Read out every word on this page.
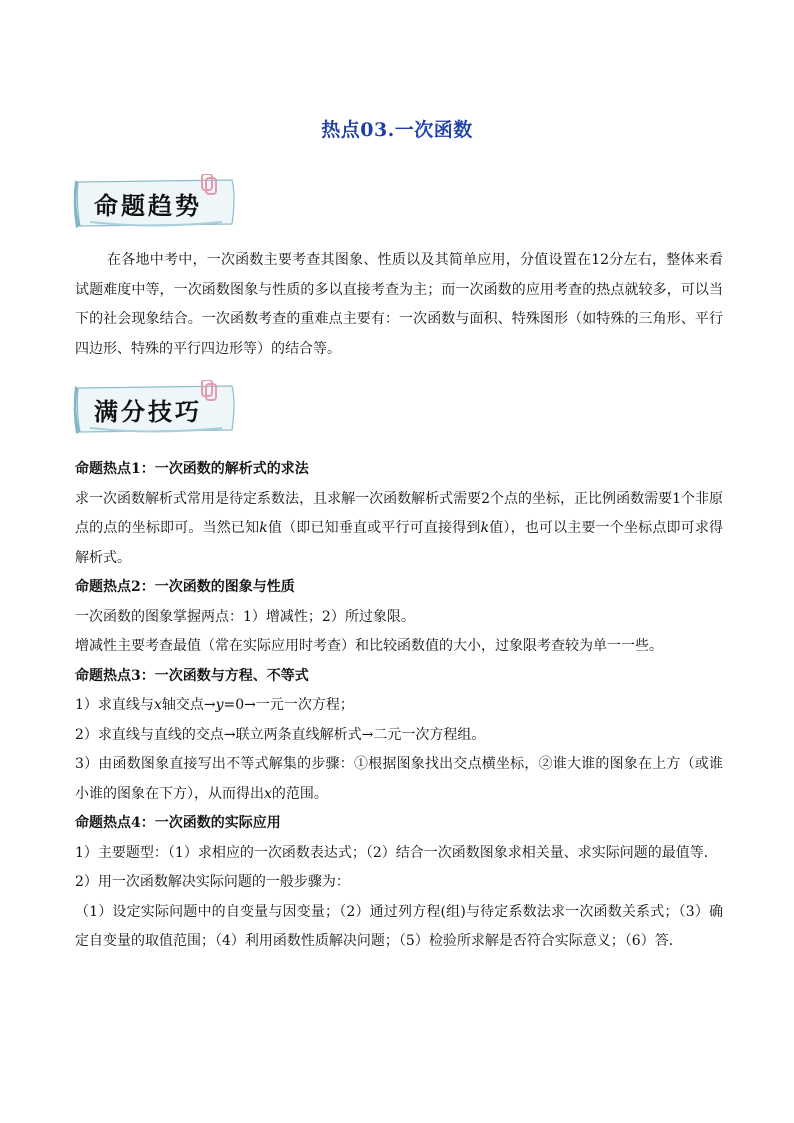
热点03.一次函数
命题趋势

在各地中考中，一次函数主要考查其图象、性质以及其简单应用，分值设置在12分左右，整体来看试题难度中等，一次函数图象与性质的多以直接考查为主；而一次函数的应用考查的热点就较多，可以当下的社会现象结合。一次函数考查的重难点主要有：一次函数与面积、特殊图形（如特殊的三角形、平行四边形、特殊的平行四边形等）的结合等。

满分技巧

命题热点1：一次函数的解析式的求法

求一次函数解析式常用是待定系数法，且求解一次函数解析式需要2个点的坐标，正比例函数需要1个非原点的点的坐标即可。当然已知k值（即已知垂直或平行可直接得到k值），也可以主要一个坐标点即可求得解析式。

命题热点2：一次函数的图象与性质

一次函数的图象掌握两点：1）增减性；2）所过象限。

增减性主要考查最值（常在实际应用时考查）和比较函数值的大小，过象限考查较为单一一些。

命题热点3：一次函数与方程、不等式

1）求直线与x轴交点→y=0→一元一次方程；

2）求直线与直线的交点→联立两条直线解析式→二元一次方程组。

3）由函数图象直接写出不等式解集的步骤：①根据图象找出交点横坐标，②谁大谁的图象在上方（或谁小谁的图象在下方），从而得出x的范围。

命题热点4：一次函数的实际应用

1）主要题型：（1）求相应的一次函数表达式；（2）结合一次函数图象求相关量、求实际问题的最值等．

2）用一次函数解决实际问题的一般步骤为：

（1）设定实际问题中的自变量与因变量；（2）通过列方程(组)与待定系数法求一次函数关系式；（3）确定自变量的取值范围；（4）利用函数性质解决问题；（5）检验所求解是否符合实际意义；（6）答．
